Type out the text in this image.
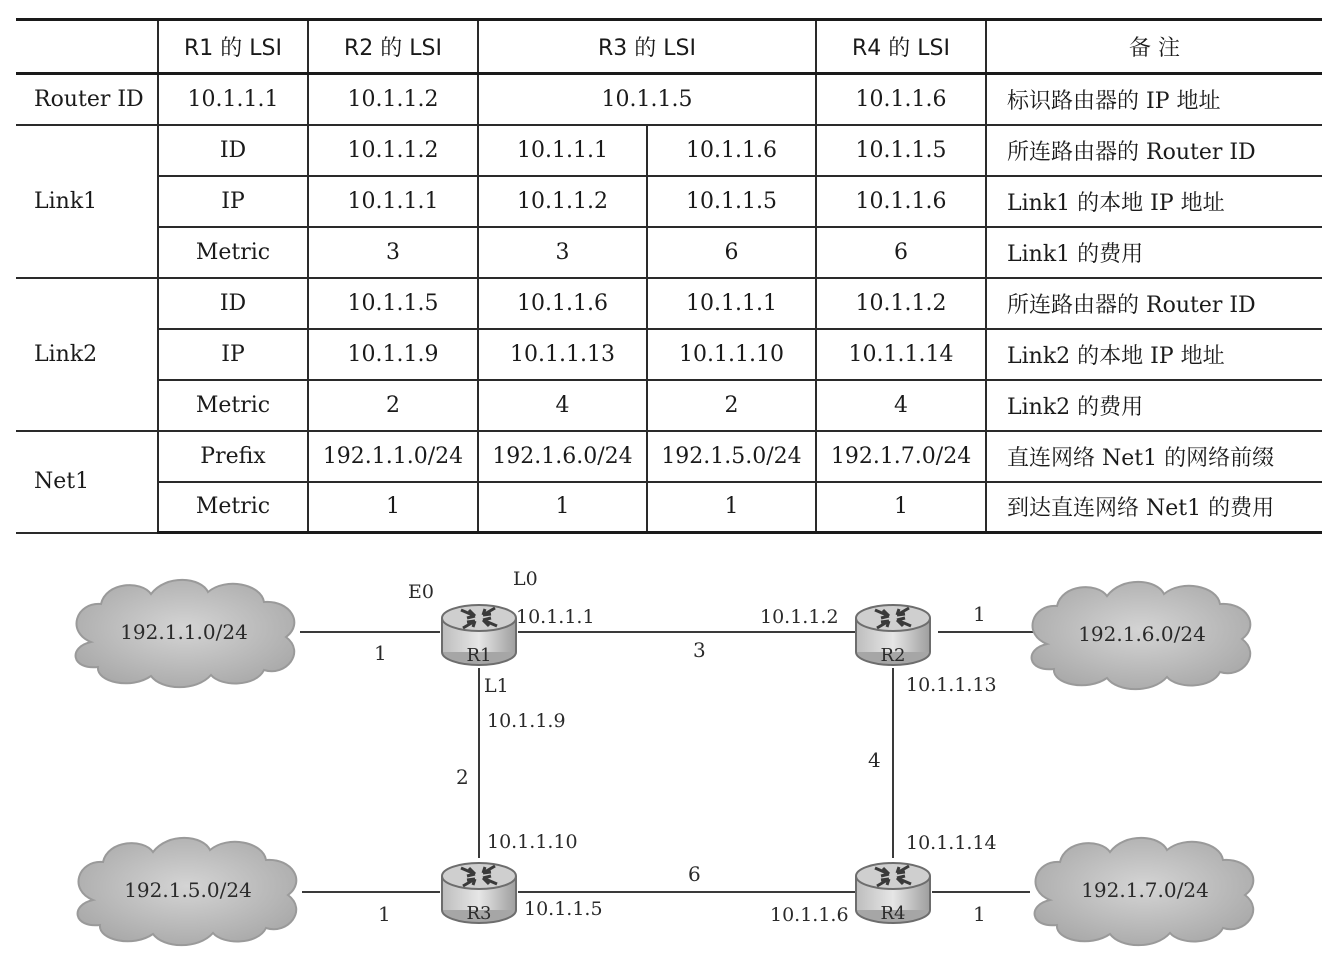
	R1 的 LSI	R2 的 LSI	R3 的 LSI		R4 的 LSI	备 注
Router ID	10.1.1.1	10.1.1.2	10.1.1.5		10.1.1.6	标识路由器的 IP 地址
Link1	ID	10.1.1.2	10.1.1.1	10.1.1.6	10.1.1.5	所连路由器的 Router ID
	IP	10.1.1.1	10.1.1.2	10.1.1.5	10.1.1.6	Link1 的本地 IP 地址
	Metric	3	3	6	6	Link1 的费用
Link2	ID	10.1.1.5	10.1.1.6	10.1.1.1	10.1.1.2	所连路由器的 Router ID
	IP	10.1.1.9	10.1.1.13	10.1.1.10	10.1.1.14	Link2 的本地 IP 地址
	Metric	2	4	2	4	Link2 的费用
Net1	Prefix	192.1.1.0/24	192.1.6.0/24	192.1.5.0/24	192.1.7.0/24	直连网络 Net1 的网络前缀
	Metric	1	1	1	1	到达直连网络 Net1 的费用
192.1.1.0/24	192.1.6.0/24
192.1.5.0/24	192.1.7.0/24
R1	R2
R3	R4
E0
L0
L1
10.1.1.1	10.1.1.2
10.1.1.9
10.1.1.10
10.1.1.13
10.1.1.14
10.1.1.5	10.1.1.6
1	3
1
2
4
6
1	1
